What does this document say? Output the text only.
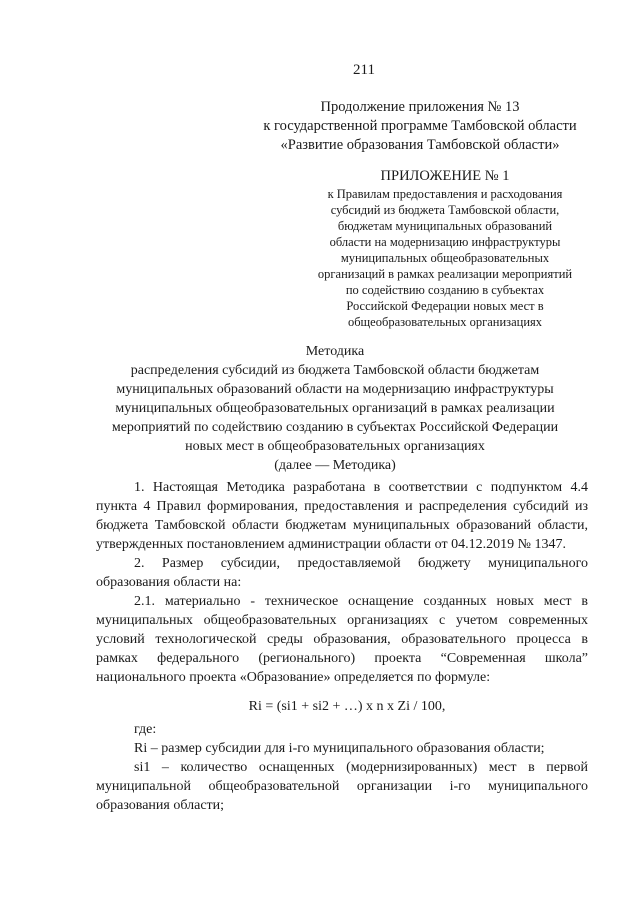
211
Продолжение приложения № 13
к государственной программе Тамбовской области
«Развитие образования Тамбовской области»
ПРИЛОЖЕНИЕ № 1
к Правилам предоставления и расходования
субсидий из бюджета Тамбовской области,
бюджетам муниципальных образований
области на модернизацию инфраструктуры
муниципальных общеобразовательных
организаций в рамках реализации мероприятий
по содействию созданию в субъектах
Российской Федерации новых мест в
общеобразовательных организациях
Методика
распределения субсидий из бюджета Тамбовской области бюджетам
муниципальных образований области на модернизацию инфраструктуры
муниципальных общеобразовательных организаций в рамках реализации
мероприятий по содействию созданию в субъектах Российской Федерации
новых мест в общеобразовательных организациях
(далее — Методика)

1. Настоящая Методика разработана в соответствии с подпунктом 4.4 пункта 4 Правил формирования, предоставления и распределения субсидий из бюджета Тамбовской области бюджетам муниципальных образований области, утвержденных постановлением администрации области от 04.12.2019 № 1347.

2. Размер субсидии, предоставляемой бюджету муниципального образования области на:

2.1. материально - техническое оснащение созданных новых мест в муниципальных общеобразовательных организациях с учетом современных условий технологической среды образования, образовательного процесса в рамках федерального (регионального) проекта “Современная школа” национального проекта «Образование» определяется по формуле:

Ri = (si1 + si2 + …) x n x Zi / 100,

где:

Ri – размер субсидии для i-го муниципального образования области;

si1 – количество оснащенных (модернизированных) мест в первой муниципальной общеобразовательной организации i-го муниципального образования области;
